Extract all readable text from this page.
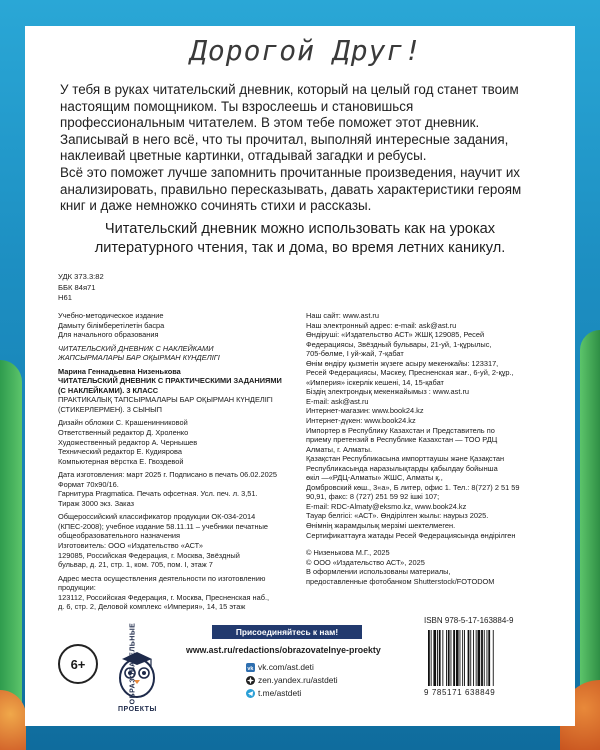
Дорогой Друг!

У тебя в руках читательский дневник, который на целый год станет твоим настоящим помощником. Ты взрослеешь и становишься профессиональным читателем. В этом тебе поможет этот дневник.

Записывай в него всё, что ты прочитал, выполняй интересные задания, наклеивай цветные картинки, отгадывай загадки и ребусы.

Всё это поможет лучше запомнить прочитанные произведения, научит их анализировать, правильно пересказывать, давать характеристики героям книг и даже немножко сочинять стихи и рассказы.

Читательский дневник можно использовать как на уроках литературного чтения, так и дома, во время летних каникул.
УДК 373.3:82
ББК 84я71
Н61
Учебно-методическое издание
Дамыту бiлiмберетiлетiн басра
Для начального образования
ЧИТАТЕЛЬСКИЙ ДНЕВНИК С НАКЛЕЙКАМИ
ЖАПСЫРМАЛАРЫ БАР ОҚЫРМАН КҮНДЕЛIГI
Марина Геннадьевна Низенькова
ЧИТАТЕЛЬСКИЙ ДНЕВНИК С ПРАКТИЧЕСКИМИ ЗАДАНИЯМИ
(С НАКЛЕЙКАМИ). 3 КЛАСС
ПРАКТИКАЛЫҚ ТАПСЫРМАЛАРЫ БАР ОҚЫРМАН КҮНДЕЛIГI
(СТИКЕРЛЕРМЕН). 3 СЫНЫП
Дизайн обложки С. Крашенинниковой
Ответственный редактор Д. Хроленко
Художественный редактор А. Чернышев
Технический редактор Е. Кудиярова
Компьютерная вёрстка Е. Гвоздевой
Дата изготовления: март 2025 г. Подписано в печать 06.02.2025
Формат 70x90/16.
Гарнитура Pragmatica. Печать офсетная. Усл. печ. л. 3,51.
Тираж 3000 экз. Заказ
Общероссийский классификатор продукции ОК-034-2014
(КПЕС-2008); учебное издание 58.11.11 – учебники печатные
общеобразовательного назначения
Изготовитель: ООО «Издательство «АСТ»
129085, Российская Федерация, г. Москва, Звёздный
бульвар, д. 21, стр. 1, ком. 705, пом. I, этаж 7
Адрес места осуществления деятельности по изготовлению
продукции:
123112, Российская Федерация, г. Москва, Пресненская наб.,
д. 6, стр. 2, Деловой комплекс «Империя», 14, 15 этаж
Наш сайт: www.ast.ru
Наш электронный адрес: e-mail: ask@ast.ru
Өндiрушi: «Издательство АСТ» ЖШҚ 129085, Ресей
Федерациясы, Звёздный бульвары, 21-уй, 1-құрылыс,
705-бөлме, I уй-жай, 7-қабат
Өнiм өндiру қызметiн жүзеге асыру мекенжайы: 123317,
Ресей Федерациясы, Мәскеу, Пресненская жағ., 6-уй, 2-құр.,
«Империя» iскерлiк кешенi, 14, 15-қабат
Бiздiң электрондық мекенжайымыз : www.ast.ru
E-mail: ask@ast.ru
Интернет-магазин: www.book24.kz
Интернет-дүкен: www.book24.kz
Импортер в Республику Казахстан и Представитель по
приему претензий в Республике Казахстан — ТОО РДЦ
Алматы, г. Алматы.
Қазақстан Республикасына импорттаушы және Қазақстан
Республикасында наразылықтарды қабылдау бойынша
өкiл —«РДЦ-Алматы» ЖШС, Алматы қ.,
Домбровский көш., 3«а», Б литер, офис 1. Тел.: 8(727) 2 51 59
90,91, факс: 8 (727) 251 59 92 iшкi 107;
E-mail: RDC-Almaty@eksmo.kz, www.book24.kz
Тауар белгiсi: «АСТ». Өндiрiлген жылы: наурыз 2025.
Өнiмнiң жарамдылық мерзiмi шектелмеген.
Сертификаттауға жатады Ресей Федерациясында өндiрiлген
© Низенькова М.Г., 2025
© ООО «Издательство АСТ», 2025
В оформлении использованы материалы,
предоставленные фотобанком Shutterstock/FOTODOM
ISBN 978-5-17-163884-9
9 785171 638849
6+	ОБРАЗОВАТЕЛЬНЫЕ
ПРОЕКТЫ
Присоединяйтесь к нам!
www.ast.ru/redactions/obrazovatelnye-proekty
vk vk.com/ast.deti
zen.yandex.ru/astdeti
t.me/astdeti
